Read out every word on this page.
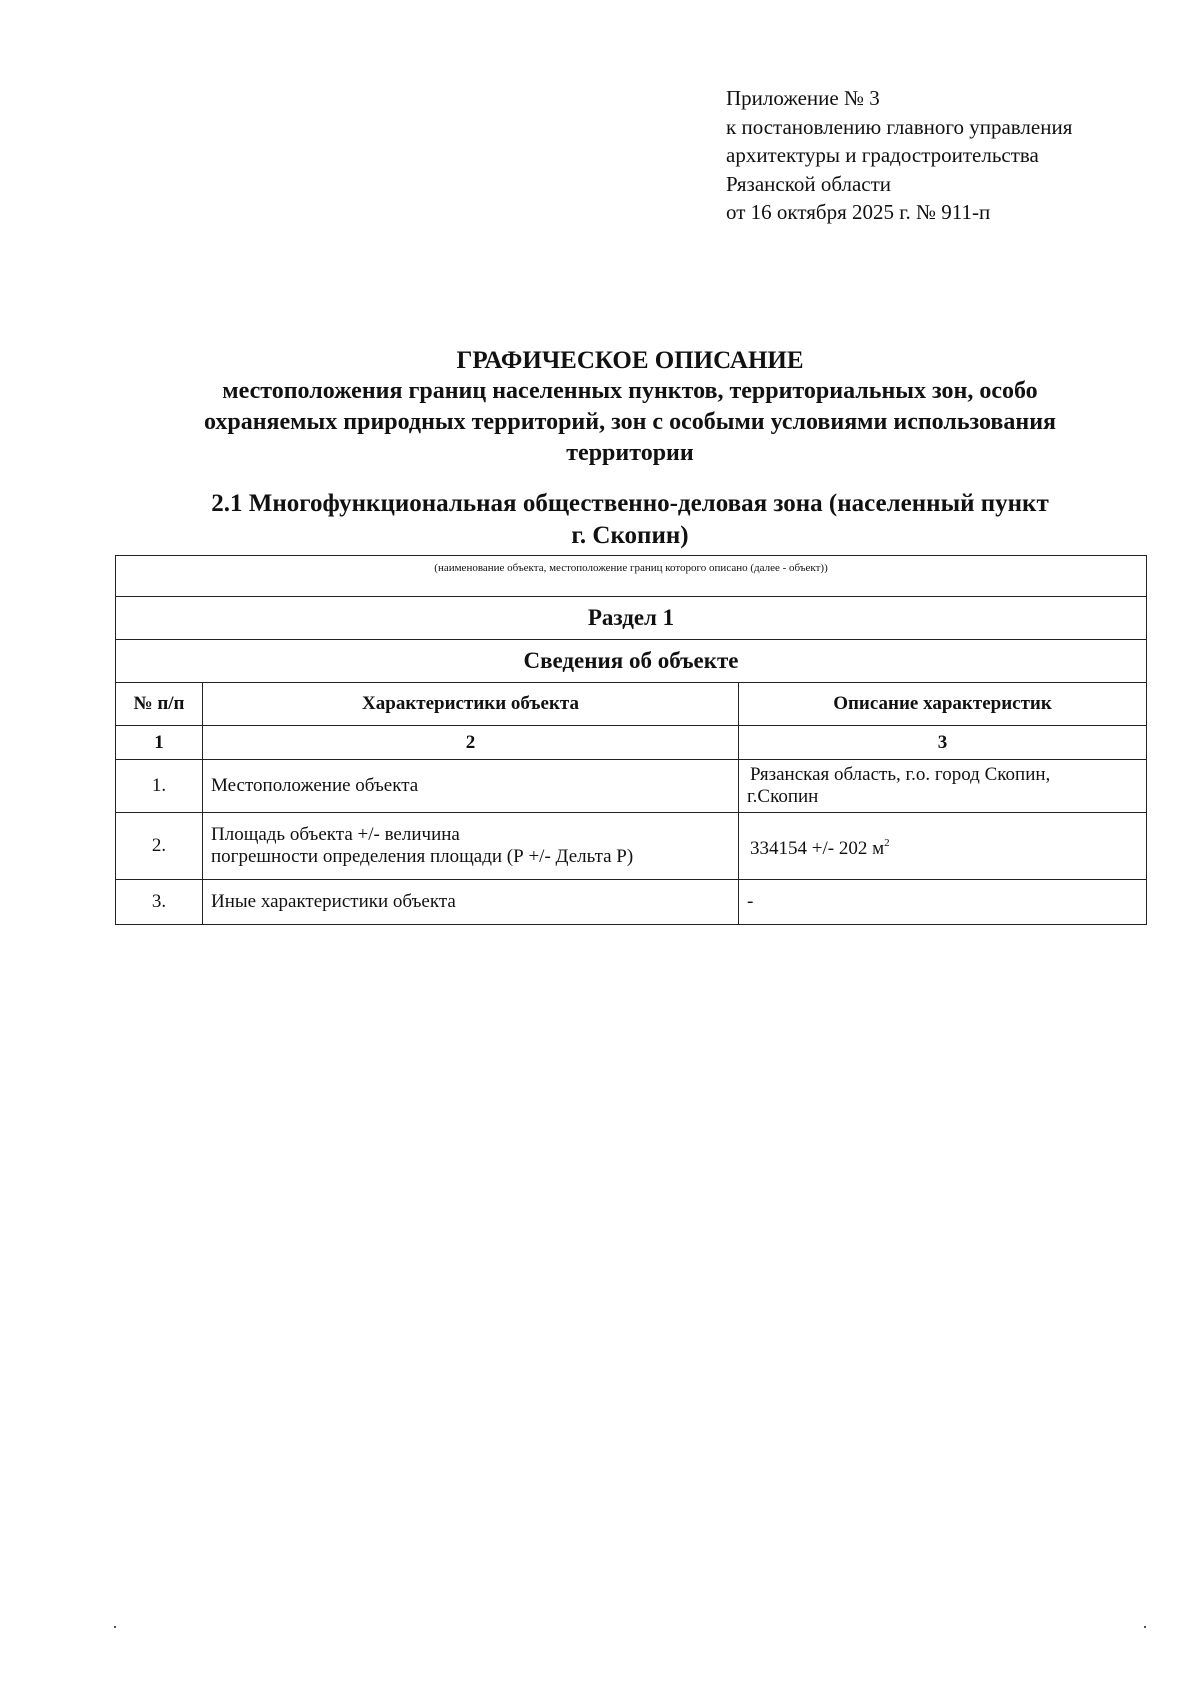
Приложение № 3
к постановлению главного управления
архитектуры и градостроительства
Рязанской области
от 16 октября 2025 г. № 911-п
ГРАФИЧЕСКОЕ ОПИСАНИЕ
местоположения границ населенных пунктов, территориальных зон, особо
охраняемых природных территорий, зон с особыми условиями использования
территории
2.1 Многофункциональная общественно-деловая зона (населенный пункт
г. Скопин)
(наименование объекта, местоположение границ которого описано (далее - объект))		
Раздел 1		
Сведения об объекте		
№ п/п	Характеристики объекта	Описание характеристик
1	2	3
1.	Местоположение объекта	Рязанская область, г.о. город Скопин,
г.Скопин

2.	Площадь объекта +/- величина
погрешности определения площади (Р +/- Дельта Р)	334154 +/- 202 $м^2$
3.	Иные характеристики объекта	-
